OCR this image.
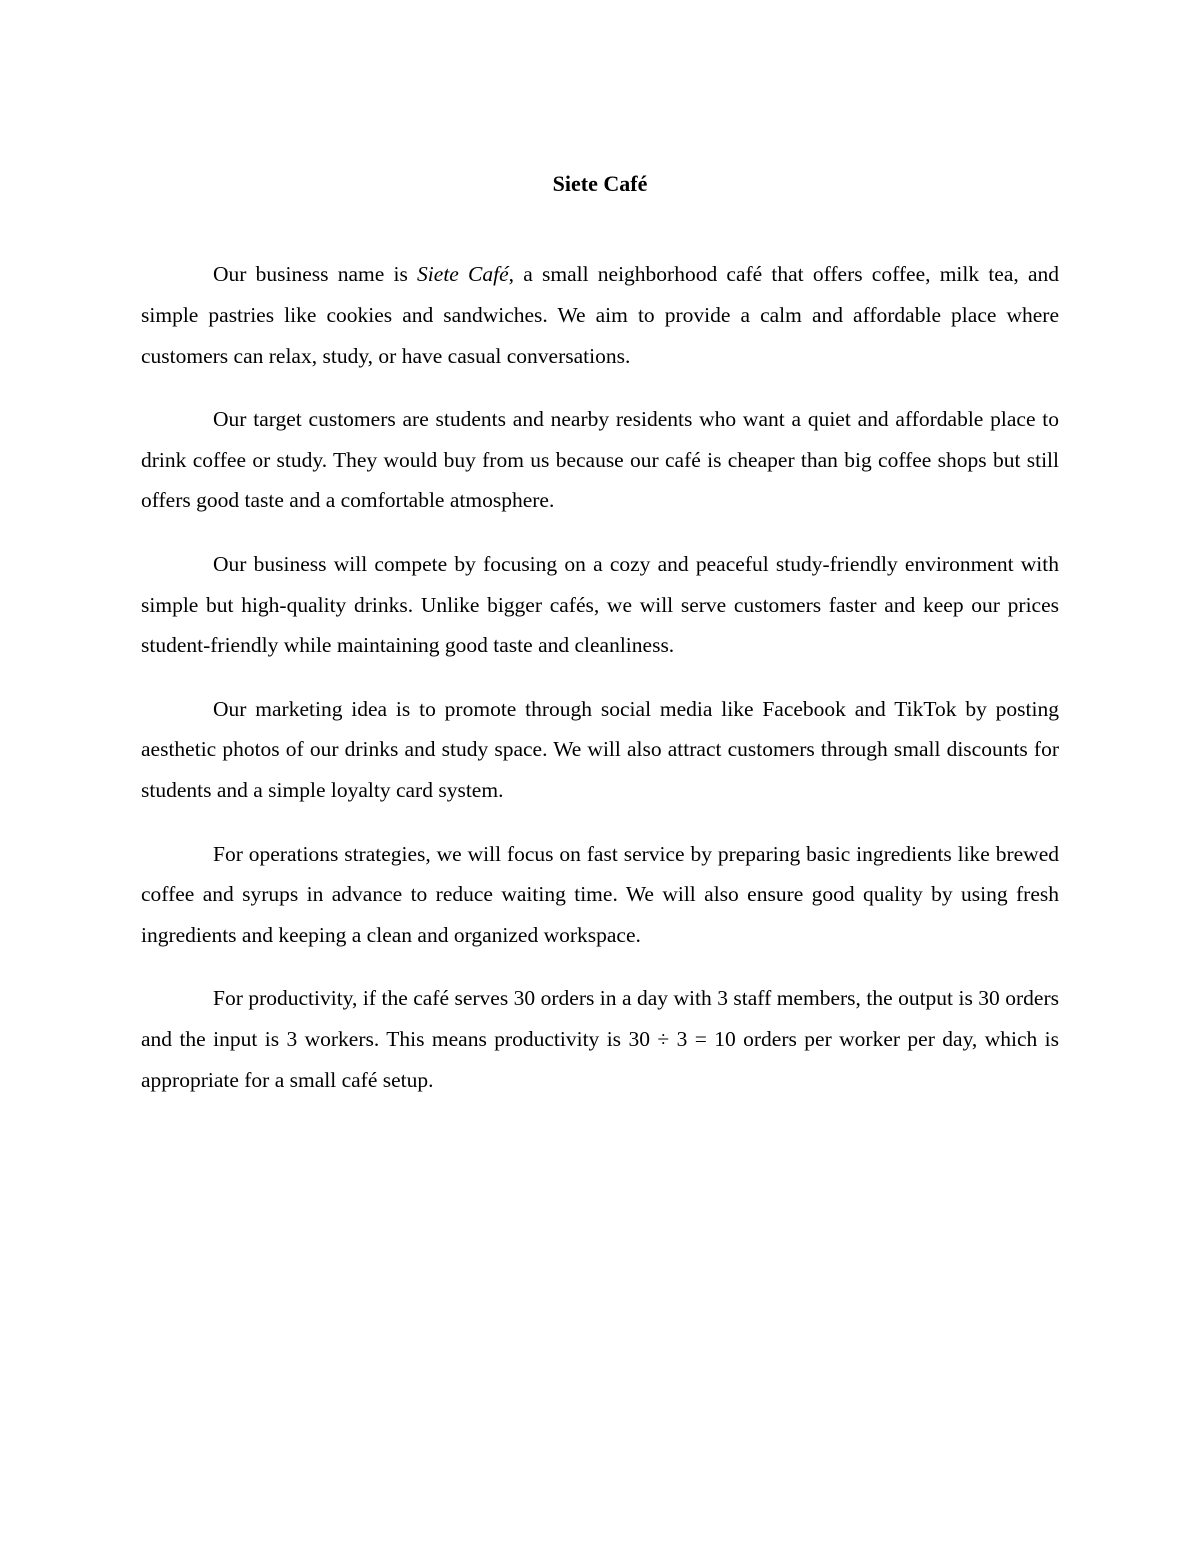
Siete Café

Our business name is Siete Café, a small neighborhood café that offers coffee, milk tea, and simple pastries like cookies and sandwiches. We aim to provide a calm and affordable place where customers can relax, study, or have casual conversations.

Our target customers are students and nearby residents who want a quiet and affordable place to drink coffee or study. They would buy from us because our café is cheaper than big coffee shops but still offers good taste and a comfortable atmosphere.

Our business will compete by focusing on a cozy and peaceful study-friendly environment with simple but high-quality drinks. Unlike bigger cafés, we will serve customers faster and keep our prices student-friendly while maintaining good taste and cleanliness.

Our marketing idea is to promote through social media like Facebook and TikTok by posting aesthetic photos of our drinks and study space. We will also attract customers through small discounts for students and a simple loyalty card system.

For operations strategies, we will focus on fast service by preparing basic ingredients like brewed coffee and syrups in advance to reduce waiting time. We will also ensure good quality by using fresh ingredients and keeping a clean and organized workspace.

For productivity, if the café serves 30 orders in a day with 3 staff members, the output is 30 orders and the input is 3 workers. This means productivity is 30 ÷ 3 = 10 orders per worker per day, which is appropriate for a small café setup.
